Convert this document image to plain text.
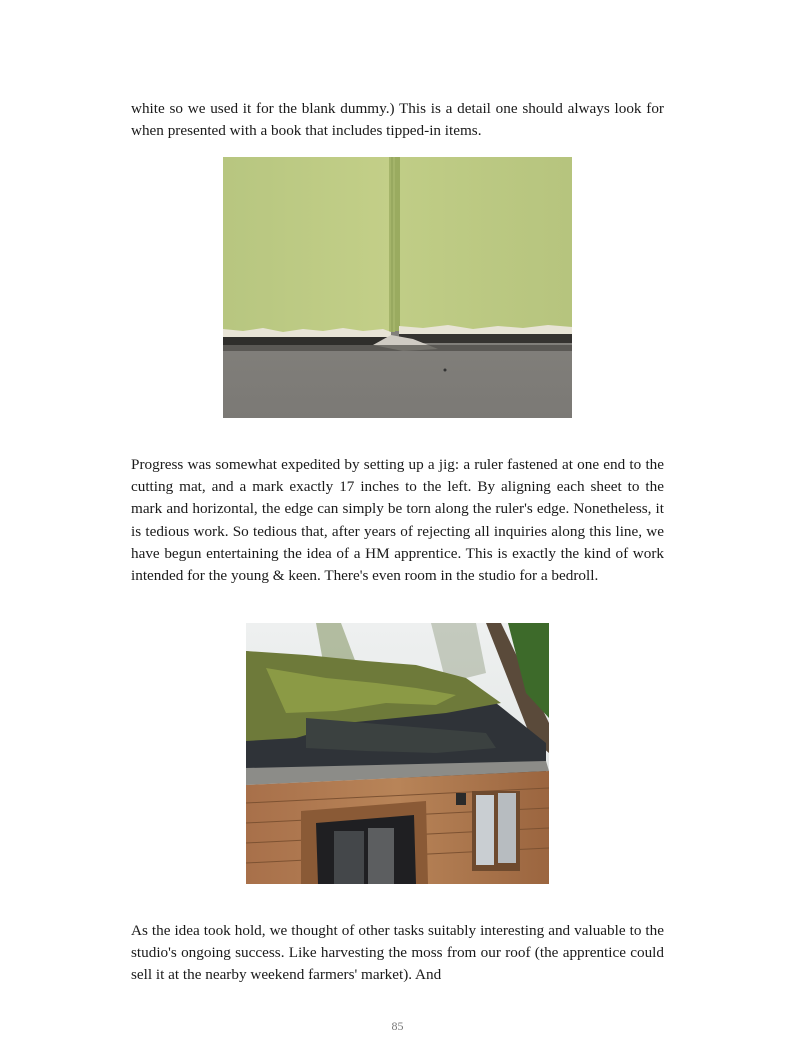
white so we used it for the blank dummy.) This is a detail one should always look for when presented with a book that includes tipped-in items.

Progress was somewhat expedited by setting up a jig: a ruler fastened at one end to the cutting mat, and a mark exactly 17 inches to the left. By aligning each sheet to the mark and horizontal, the edge can simply be torn along the ruler's edge. Nonetheless, it is tedious work. So tedious that, after years of rejecting all inquiries along this line, we have begun entertaining the idea of a HM apprentice. This is exactly the kind of work intended for the young & keen. There's even room in the studio for a bedroll.

As the idea took hold, we thought of other tasks suitably interesting and valuable to the studio's ongoing success. Like harvesting the moss from our roof (the apprentice could sell it at the nearby weekend farmers' market). And

85
